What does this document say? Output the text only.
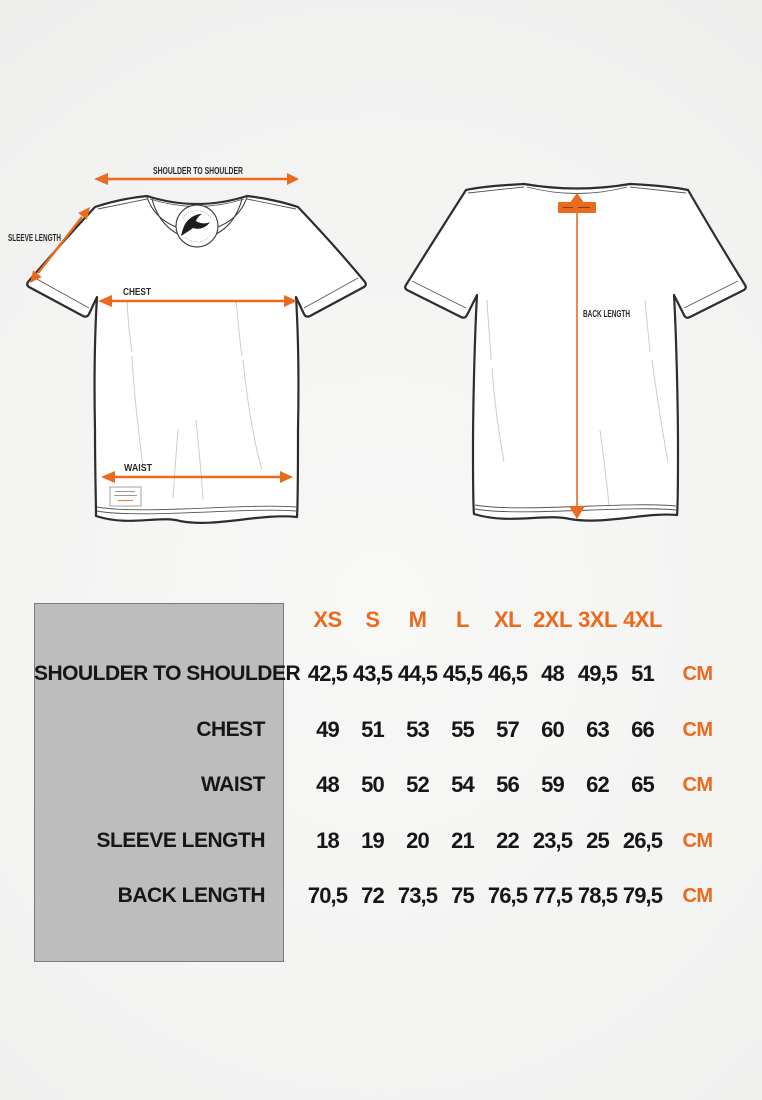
SHOULDER TO SHOULDER
SLEEVE LENGTH
CHEST
WAIST
BACK LENGTH
XS	S	M	L	XL 2XL 3XL 4XL
SHOULDER TO SHOULDER 42,5 43,5 44,5 45,5 46,5 48 49,5 51	CM
CHEST	49	51	53	55	57	60	63	66	CM
WAIST	48	50	52	54	56	59	62	65	CM
SLEEVE LENGTH	18	19	20	21	22 23,5 25 26,5	CM
BACK LENGTH	70,5 72 73,5 75 76,5 77,5 78,5 79,5	CM
